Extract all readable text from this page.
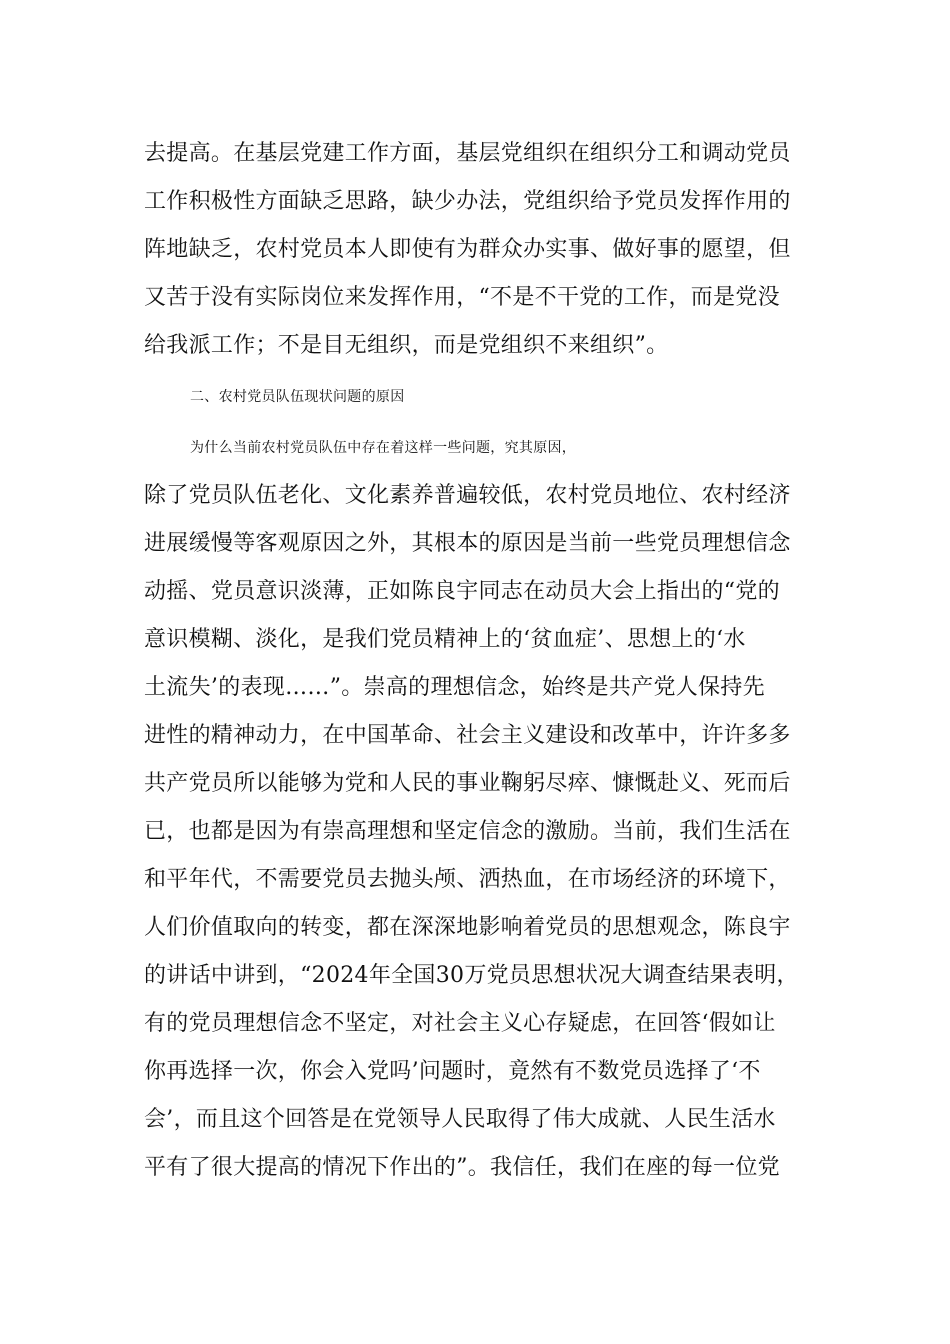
去提高。在基层党建工作方面，基层党组织在组织分工和调动党员
工作积极性方面缺乏思路，缺少办法，党组织给予党员发挥作用的
阵地缺乏，农村党员本人即使有为群众办实事、做好事的愿望，但
又苦于没有实际岗位来发挥作用，“不是不干党的工作，而是党没
给我派工作；不是目无组织，而是党组织不来组织”。
二、农村党员队伍现状问题的原因
为什么当前农村党员队伍中存在着这样一些问题，究其原因，
除了党员队伍老化、文化素养普遍较低，农村党员地位、农村经济
进展缓慢等客观原因之外，其根本的原因是当前一些党员理想信念
动摇、党员意识淡薄，正如陈良宇同志在动员大会上指出的“党的
意识模糊、淡化，是我们党员精神上的‘贫血症’、思想上的‘水
土流失’的表现……”。崇高的理想信念，始终是共产党人保持先
进性的精神动力，在中国革命、社会主义建设和改革中，许许多多
共产党员所以能够为党和人民的事业鞠躬尽瘁、慷慨赴义、死而后
已，也都是因为有崇高理想和坚定信念的激励。当前，我们生活在
和平年代，不需要党员去抛头颅、洒热血，在市场经济的环境下，
人们价值取向的转变，都在深深地影响着党员的思想观念，陈良宇
的讲话中讲到，“2024年全国30万党员思想状况大调查结果表明，
有的党员理想信念不坚定，对社会主义心存疑虑，在回答‘假如让
你再选择一次，你会入党吗’问题时，竟然有不数党员选择了‘不
会’，而且这个回答是在党领导人民取得了伟大成就、人民生活水
平有了很大提高的情况下作出的”。我信任，我们在座的每一位党
